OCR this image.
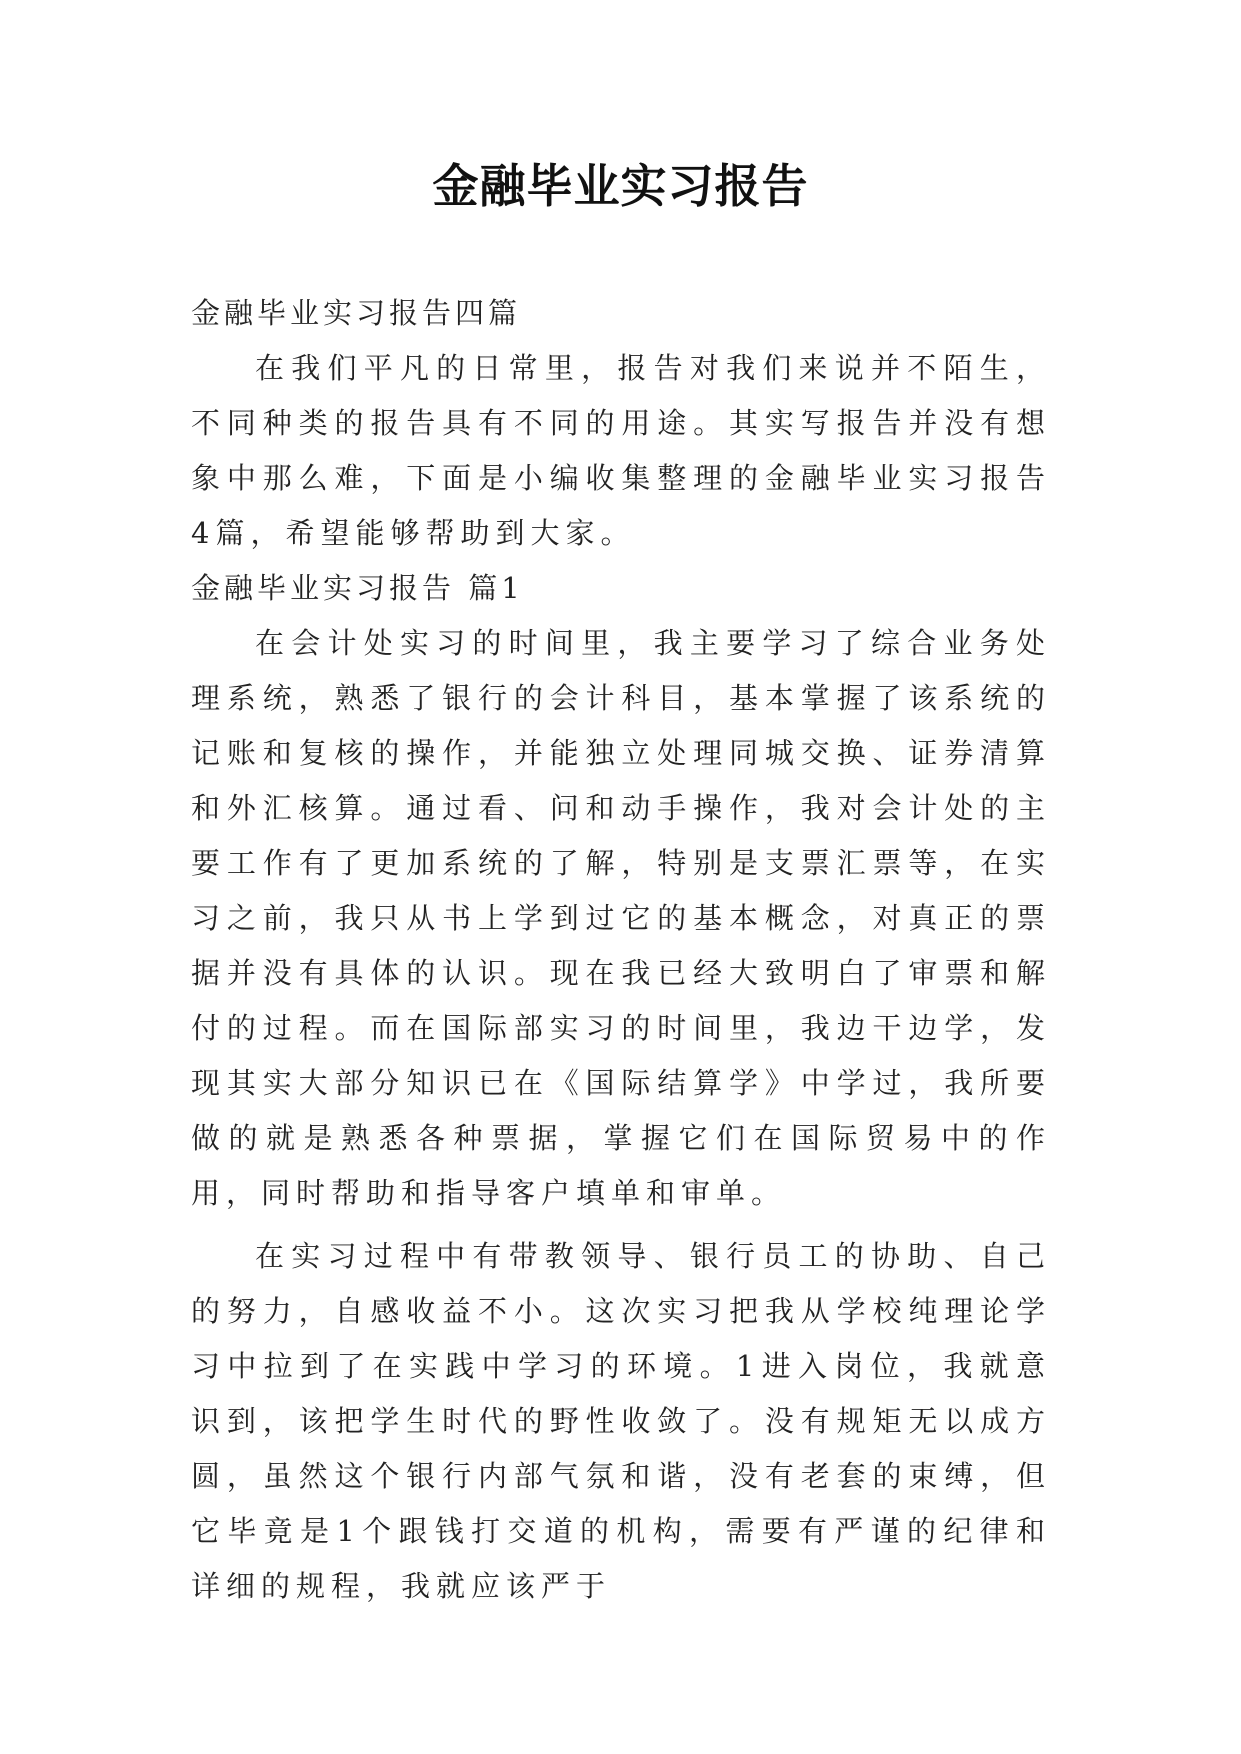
金融毕业实习报告

金融毕业实习报告四篇

在我们平凡的日常里，报告对我们来说并不陌生，不同种类的报告具有不同的用途。其实写报告并没有想象中那么难，下面是小编收集整理的金融毕业实习报告4篇，希望能够帮助到大家。

金融毕业实习报告 篇1

在会计处实习的时间里，我主要学习了综合业务处理系统，熟悉了银行的会计科目，基本掌握了该系统的记账和复核的操作，并能独立处理同城交换、证券清算和外汇核算。通过看、问和动手操作，我对会计处的主要工作有了更加系统的了解，特别是支票汇票等，在实习之前，我只从书上学到过它的基本概念，对真正的票据并没有具体的认识。现在我已经大致明白了审票和解付的过程。而在国际部实习的时间里，我边干边学，发现其实大部分知识已在《国际结算学》中学过，我所要做的就是熟悉各种票据，掌握它们在国际贸易中的作用，同时帮助和指导客户填单和审单。

在实习过程中有带教领导、银行员工的协助、自己的努力，自感收益不小。这次实习把我从学校纯理论学习中拉到了在实践中学习的环境。1进入岗位，我就意识到，该把学生时代的野性收敛了。没有规矩无以成方圆，虽然这个银行内部气氛和谐，没有老套的束缚，但它毕竟是1个跟钱打交道的机构，需要有严谨的纪律和详细的规程，我就应该严于
